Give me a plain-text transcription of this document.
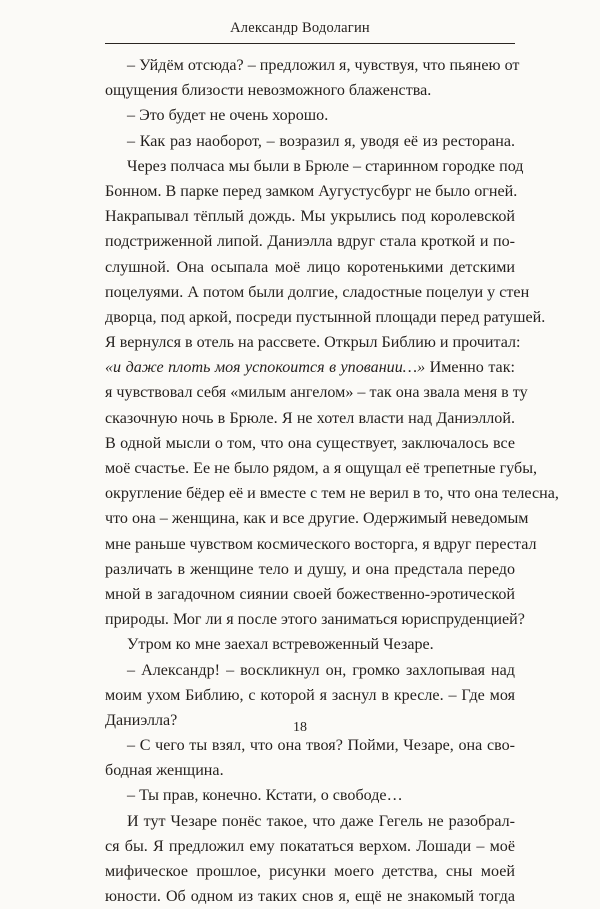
Александр Водолагин
– Уйдём отсюда? – предложил я, чувствуя, что пьянею от
ощущения близости невозможного блаженства.
– Это будет не очень хорошо.
– Как раз наоборот, – возразил я, уводя её из ресторана.
Через полчаса мы были в Брюле – старинном городке под
Бонном. В парке перед замком Аугустусбург не было огней.
Накрапывал тёплый дождь. Мы укрылись под королевской
подстриженной липой. Даниэлла вдруг стала кроткой и по-
слушной. Она осыпала моё лицо коротенькими детскими
поцелуями. А потом были долгие, сладостные поцелуи у стен
дворца, под аркой, посреди пустынной площади перед ратушей.
Я вернулся в отель на рассвете. Открыл Библию и прочитал:
«и даже плоть моя успокоится в уповании…» Именно так:
я чувствовал себя «милым ангелом» – так она звала меня в ту
сказочную ночь в Брюле. Я не хотел власти над Даниэллой.
В одной мысли о том, что она существует, заключалось все
моё счастье. Ее не было рядом, а я ощущал её трепетные губы,
округление бёдер её и вместе с тем не верил в то, что она телесна,
что она – женщина, как и все другие. Одержимый неведомым
мне раньше чувством космического восторга, я вдруг перестал
различать в женщине тело и душу, и она предстала передо
мной в загадочном сиянии своей божественно-эротической
природы. Мог ли я после этого заниматься юриспруденцией?
Утром ко мне заехал встревоженный Чезаре.
– Александр! – воскликнул он, громко захлопывая над
моим ухом Библию, с которой я заснул в кресле. – Где моя
Даниэлла?
– С чего ты взял, что она твоя? Пойми, Чезаре, она сво-
бодная женщина.
– Ты прав, конечно. Кстати, о свободе…
И тут Чезаре понёс такое, что даже Гегель не разобрал-
ся бы. Я предложил ему покататься верхом. Лошади – моё
мифическое прошлое, рисунки моего детства, сны моей
юности. Об одном из таких снов я, ещё не знакомый тогда
18
